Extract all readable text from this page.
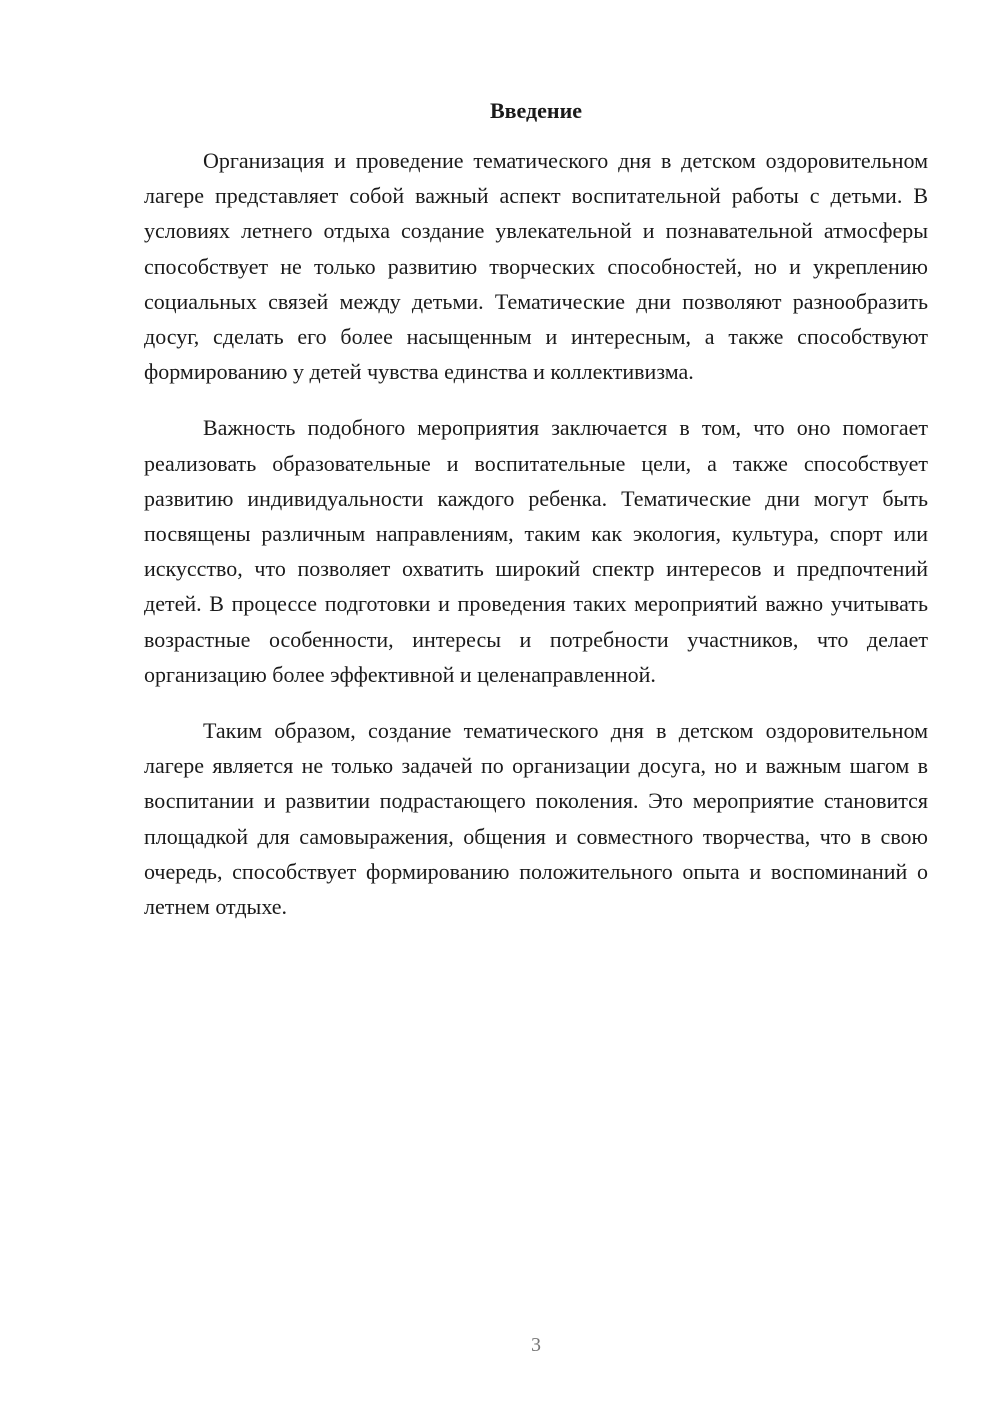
Введение

Организация и проведение тематического дня в детском оздоровительном лагере представляет собой важный аспект воспитательной работы с детьми. В условиях летнего отдыха создание увлекательной и познавательной атмосферы способствует не только развитию творческих способностей, но и укреплению социальных связей между детьми. Тематические дни позволяют разнообразить досуг, сделать его более насыщенным и интересным, а также способствуют формированию у детей чувства единства и коллективизма.

Важность подобного мероприятия заключается в том, что оно помогает реализовать образовательные и воспитательные цели, а также способствует развитию индивидуальности каждого ребенка. Тематические дни могут быть посвящены различным направлениям, таким как экология, культура, спорт или искусство, что позволяет охватить широкий спектр интересов и предпочтений детей. В процессе подготовки и проведения таких мероприятий важно учитывать возрастные особенности, интересы и потребности участников, что делает организацию более эффективной и целенаправленной.

Таким образом, создание тематического дня в детском оздоровительном лагере является не только задачей по организации досуга, но и важным шагом в воспитании и развитии подрастающего поколения. Это мероприятие становится площадкой для самовыражения, общения и совместного творчества, что в свою очередь, способствует формированию положительного опыта и воспоминаний о летнем отдыхе.

3
